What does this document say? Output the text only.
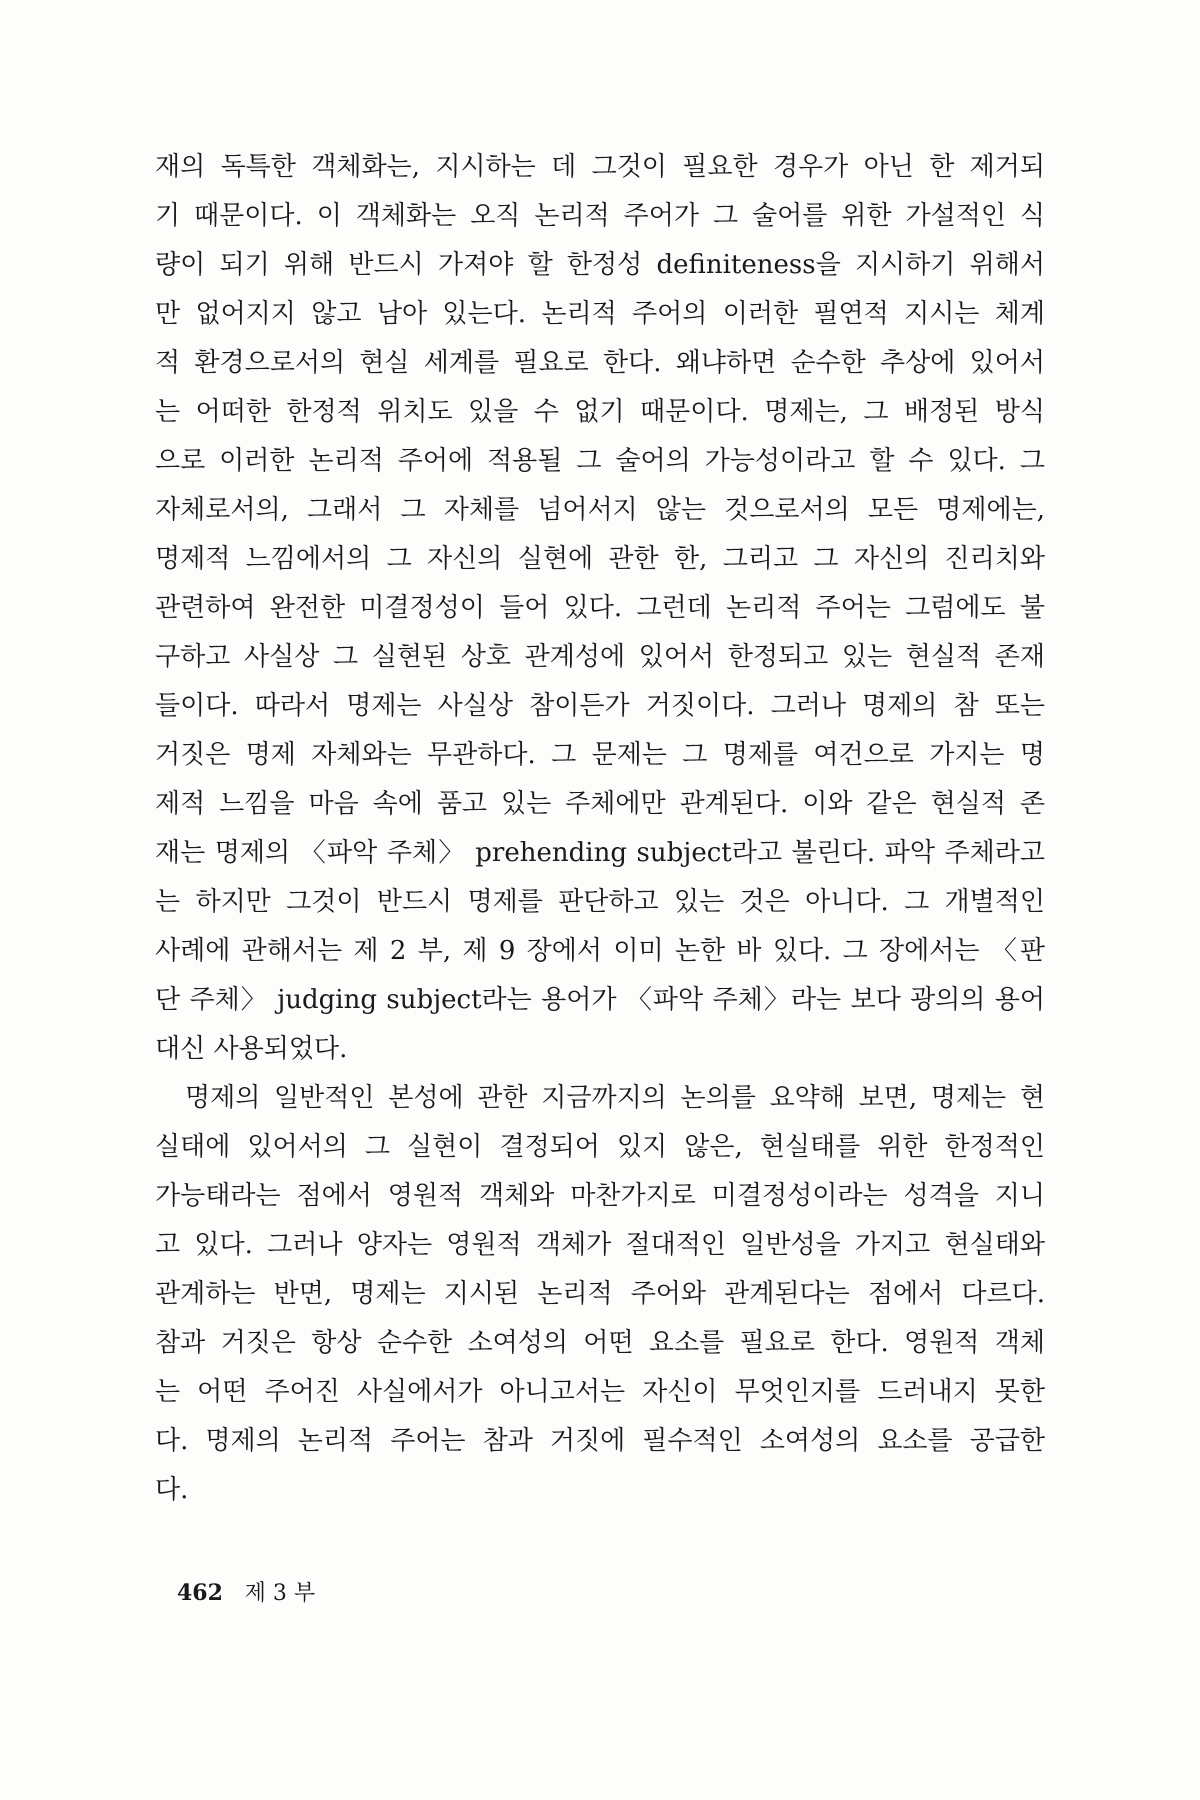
재의 독특한 객체화는, 지시하는 데 그것이 필요한 경우가 아닌 한 제거되
기 때문이다. 이 객체화는 오직 논리적 주어가 그 술어를 위한 가설적인 식
량이 되기 위해 반드시 가져야 할 한정성 definiteness을 지시하기 위해서
만 없어지지 않고 남아 있는다. 논리적 주어의 이러한 필연적 지시는 체계
적 환경으로서의 현실 세계를 필요로 한다. 왜냐하면 순수한 추상에 있어서
는 어떠한 한정적 위치도 있을 수 없기 때문이다. 명제는, 그 배정된 방식
으로 이러한 논리적 주어에 적용될 그 술어의 가능성이라고 할 수 있다. 그
자체로서의, 그래서 그 자체를 넘어서지 않는 것으로서의 모든 명제에는,
명제적 느낌에서의 그 자신의 실현에 관한 한, 그리고 그 자신의 진리치와
관련하여 완전한 미결정성이 들어 있다. 그런데 논리적 주어는 그럼에도 불
구하고 사실상 그 실현된 상호 관계성에 있어서 한정되고 있는 현실적 존재
들이다. 따라서 명제는 사실상 참이든가 거짓이다. 그러나 명제의 참 또는
거짓은 명제 자체와는 무관하다. 그 문제는 그 명제를 여건으로 가지는 명
제적 느낌을 마음 속에 품고 있는 주체에만 관계된다. 이와 같은 현실적 존
재는 명제의 〈파악 주체〉 prehending subject라고 불린다. 파악 주체라고
는 하지만 그것이 반드시 명제를 판단하고 있는 것은 아니다. 그 개별적인
사례에 관해서는 제 2 부, 제 9 장에서 이미 논한 바 있다. 그 장에서는 〈판
단 주체〉 judging subject라는 용어가 〈파악 주체〉라는 보다 광의의 용어
대신 사용되었다.
명제의 일반적인 본성에 관한 지금까지의 논의를 요약해 보면, 명제는 현
실태에 있어서의 그 실현이 결정되어 있지 않은, 현실태를 위한 한정적인
가능태라는 점에서 영원적 객체와 마찬가지로 미결정성이라는 성격을 지니
고 있다. 그러나 양자는 영원적 객체가 절대적인 일반성을 가지고 현실태와
관계하는 반면, 명제는 지시된 논리적 주어와 관계된다는 점에서 다르다.
참과 거짓은 항상 순수한 소여성의 어떤 요소를 필요로 한다. 영원적 객체
는 어떤 주어진 사실에서가 아니고서는 자신이 무엇인지를 드러내지 못한
다. 명제의 논리적 주어는 참과 거짓에 필수적인 소여성의 요소를 공급한
다.
462 제 3 부
